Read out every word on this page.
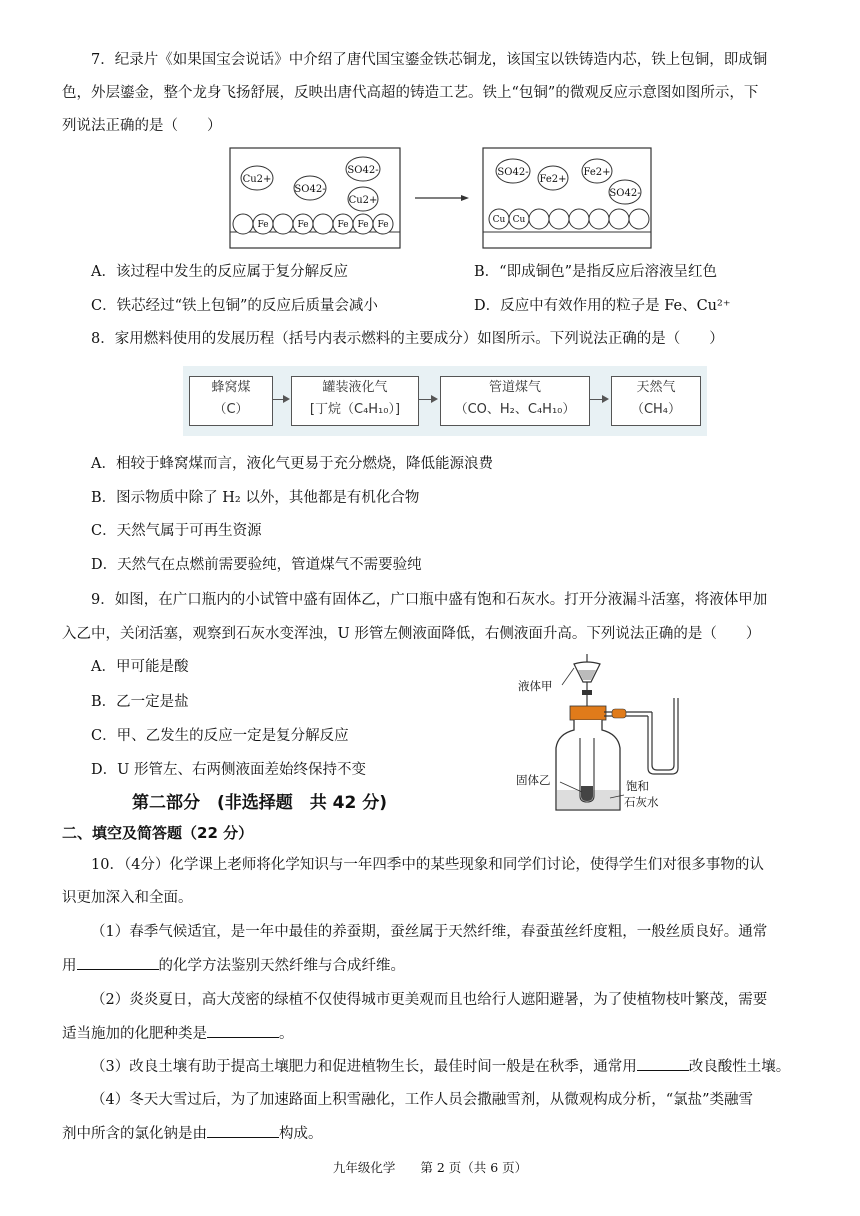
7．纪录片《如果国宝会说话》中介绍了唐代国宝鎏金铁芯铜龙，该国宝以铁铸造内芯，铁上包铜，即成铜
色，外层鎏金，整个龙身飞扬舒展，反映出唐代高超的铸造工艺。铁上“包铜”的微观反应示意图如图所示，下
列说法正确的是（　　）
Cu2+
SO42-
SO42-
Cu2+
Fe	Fe	Fe Fe Fe
SO42-
Fe2+
Fe2+
SO42-
Cu Cu
A．该过程中发生的反应属于复分解反应	B．“即成铜色”是指反应后溶液呈红色
C．铁芯经过“铁上包铜”的反应后质量会减小	D．反应中有效作用的粒子是 Fe、Cu²⁺
8．家用燃料使用的发展历程（括号内表示燃料的主要成分）如图所示。下列说法正确的是（　　）
蜂窝煤
（C）
罐装液化气
[丁烷（C₄H₁₀）]
管道煤气
（CO、H₂、C₄H₁₀）
天然气
（CH₄）
A．相较于蜂窝煤而言，液化气更易于充分燃烧，降低能源浪费
B．图示物质中除了 H₂ 以外，其他都是有机化合物
C．天然气属于可再生资源
D．天然气在点燃前需要验纯，管道煤气不需要验纯
9．如图，在广口瓶内的小试管中盛有固体乙，广口瓶中盛有饱和石灰水。打开分液漏斗活塞，将液体甲加
入乙中，关闭活塞，观察到石灰水变浑浊，U 形管左侧液面降低，右侧液面升高。下列说法正确的是（　　）
A．甲可能是酸
B．乙一定是盐
C．甲、乙发生的反应一定是复分解反应
D．U 形管左、右两侧液面差始终保持不变
液体甲
固体乙	饱和
石灰水
第二部分　(非选择题　共 42 分)
二、填空及简答题（22 分）
10．（4分）化学课上老师将化学知识与一年四季中的某些现象和同学们讨论，使得学生们对很多事物的认
识更加深入和全面。
（1）春季气候适宜，是一年中最佳的养蚕期，蚕丝属于天然纤维，春蚕茧丝纤度粗，一般丝质良好。通常
用	的化学方法鉴别天然纤维与合成纤维。
（2）炎炎夏日，高大茂密的绿植不仅使得城市更美观而且也给行人遮阳避暑，为了使植物枝叶繁茂，需要
适当施加的化肥种类是	。
（3）改良土壤有助于提高土壤肥力和促进植物生长，最佳时间一般是在秋季，通常用	改良酸性土壤。
（4）冬天大雪过后，为了加速路面上积雪融化，工作人员会撒融雪剂，从微观构成分析，“氯盐”类融雪
剂中所含的氯化钠是由	构成。
九年级化学　　 第 2 页（共 6 页）
